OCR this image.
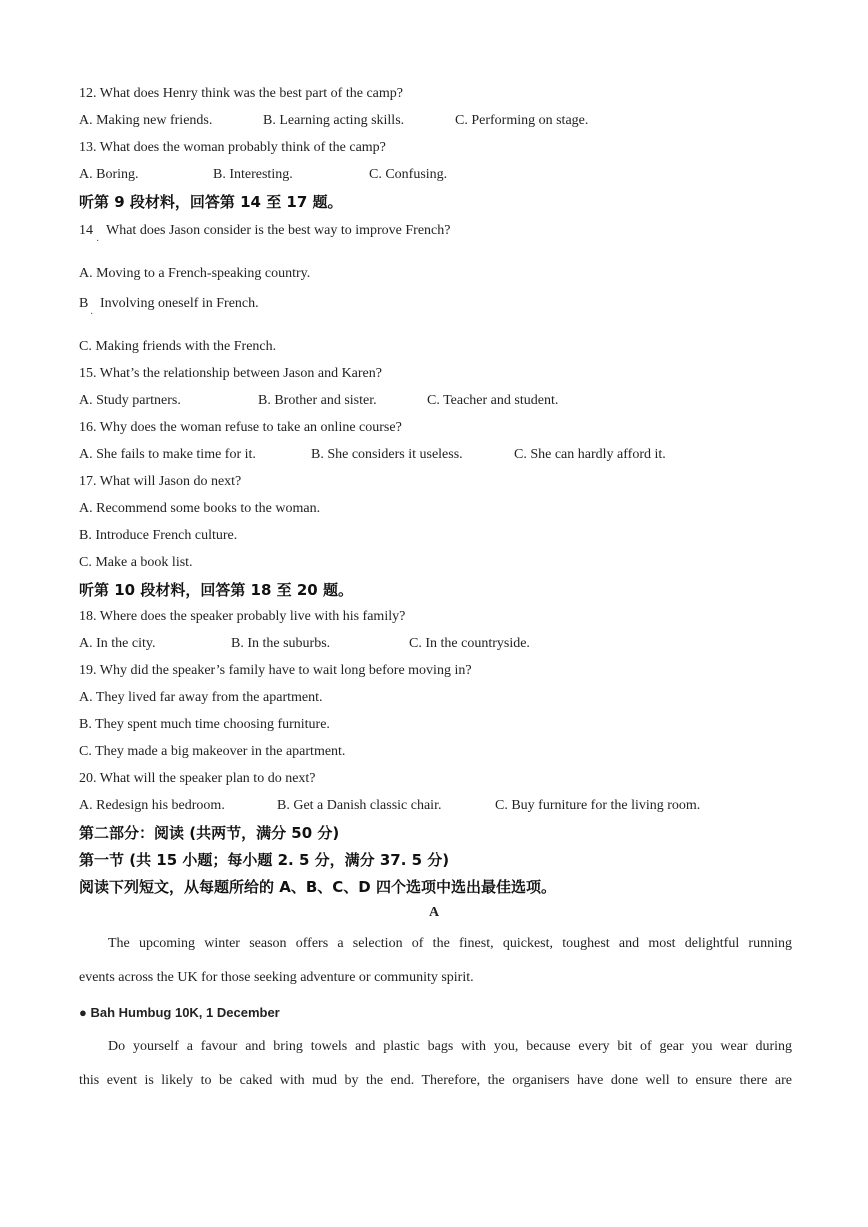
12. What does Henry think was the best part of the camp?
A. Making new friends.	B. Learning acting skills.	C. Performing on stage.
13. What does the woman probably think of the camp?
A. Boring.	B. Interesting.	C. Confusing.
听第 9 段材料，回答第 14 至 17 题。
14
·
What does Jason consider is the best way to improve French?
A. Moving to a French-speaking country.
B
·
Involving oneself in French.
C. Making friends with the French.
15. What’s the relationship between Jason and Karen?
A. Study partners.	B. Brother and sister.	C. Teacher and student.
16. Why does the woman refuse to take an online course?
A. She fails to make time for it.	B. She considers it useless.	C. She can hardly afford it.
17. What will Jason do next?
A. Recommend some books to the woman.
B. Introduce French culture.
C. Make a book list.
听第 10 段材料，回答第 18 至 20 题。
18. Where does the speaker probably live with his family?
A. In the city.	B. In the suburbs.	C. In the countryside.
19. Why did the speaker’s family have to wait long before moving in?
A. They lived far away from the apartment.
B. They spent much time choosing furniture.
C. They made a big makeover in the apartment.
20. What will the speaker plan to do next?
A. Redesign his bedroom.	B. Get a Danish classic chair.	C. Buy furniture for the living room.
第二部分：阅读 (共两节，满分 50 分)
第一节 (共 15 小题；每小题 2. 5 分，满分 37. 5 分)
阅读下列短文，从每题所给的 A、B、C、D 四个选项中选出最佳选项。
A
The upcoming winter season offers a selection of the finest, quickest, toughest and most delightful running
events across the UK for those seeking adventure or community spirit.
● Bah Humbug 10K, 1 December
Do yourself a favour and bring towels and plastic bags with you, because every bit of gear you wear during
this event is likely to be caked with mud by the end. Therefore, the organisers have done well to ensure there are
